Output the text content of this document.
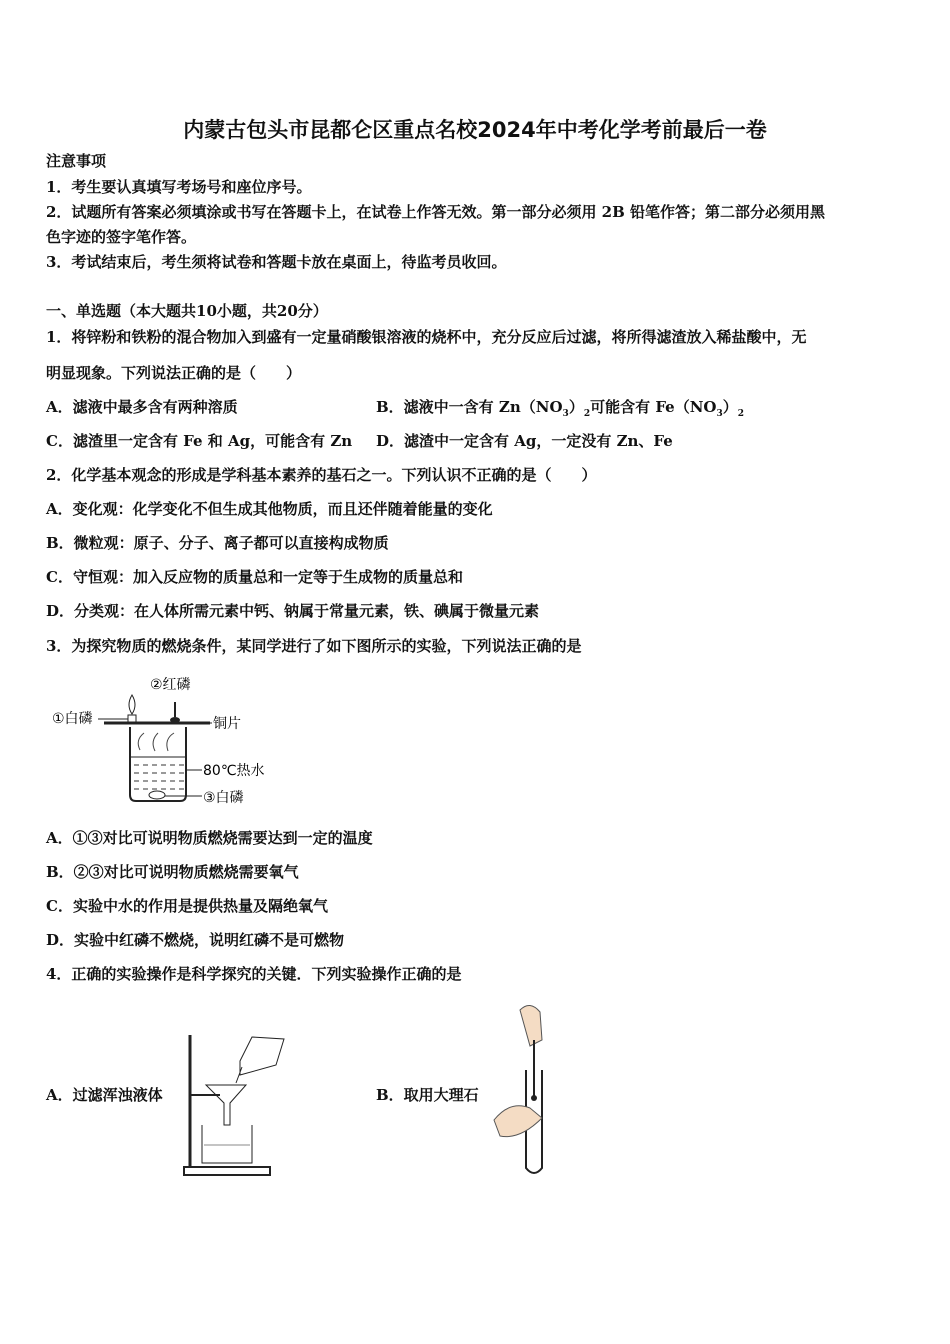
内蒙古包头市昆都仑区重点名校2024年中考化学考前最后一卷
注意事项
1．考生要认真填写考场号和座位序号。
2．试题所有答案必须填涂或书写在答题卡上，在试卷上作答无效。第一部分必须用 2B 铅笔作答；第二部分必须用黑
色字迹的签字笔作答。
3．考试结束后，考生须将试卷和答题卡放在桌面上，待监考员收回。
一、单选题（本大题共10小题，共20分）
1．将锌粉和铁粉的混合物加入到盛有一定量硝酸银溶液的烧杯中，充分反应后过滤，将所得滤渣放入稀盐酸中，无
明显现象。下列说法正确的是（　　）
A．滤液中最多含有两种溶质	B．滤液中一含有 $Zn(NO_3)_2$可能含有 $Fe(NO_3)_2$
C．滤渣里一定含有 Fe 和 Ag，可能含有 Zn D．滤渣中一定含有 Ag，一定没有 Zn、Fe
2．化学基本观念的形成是学科基本素养的基石之一。下列认识不正确的是（　　）
A．变化观：化学变化不但生成其他物质，而且还伴随着能量的变化
B．微粒观：原子、分子、离子都可以直接构成物质
C．守恒观：加入反应物的质量总和一定等于生成物的质量总和
D．分类观：在人体所需元素中钙、钠属于常量元素，铁、碘属于微量元素
3．为探究物质的燃烧条件，某同学进行了如下图所示的实验，下列说法正确的是
①白磷
②红磷
铜片
80℃热水
③白磷
A．①③对比可说明物质燃烧需要达到一定的温度
B．②③对比可说明物质燃烧需要氧气
C．实验中水的作用是提供热量及隔绝氧气
D．实验中红磷不燃烧，说明红磷不是可燃物
4．正确的实验操作是科学探究的关键．下列实验操作正确的是
A．过滤浑浊液体	B．取用大理石
